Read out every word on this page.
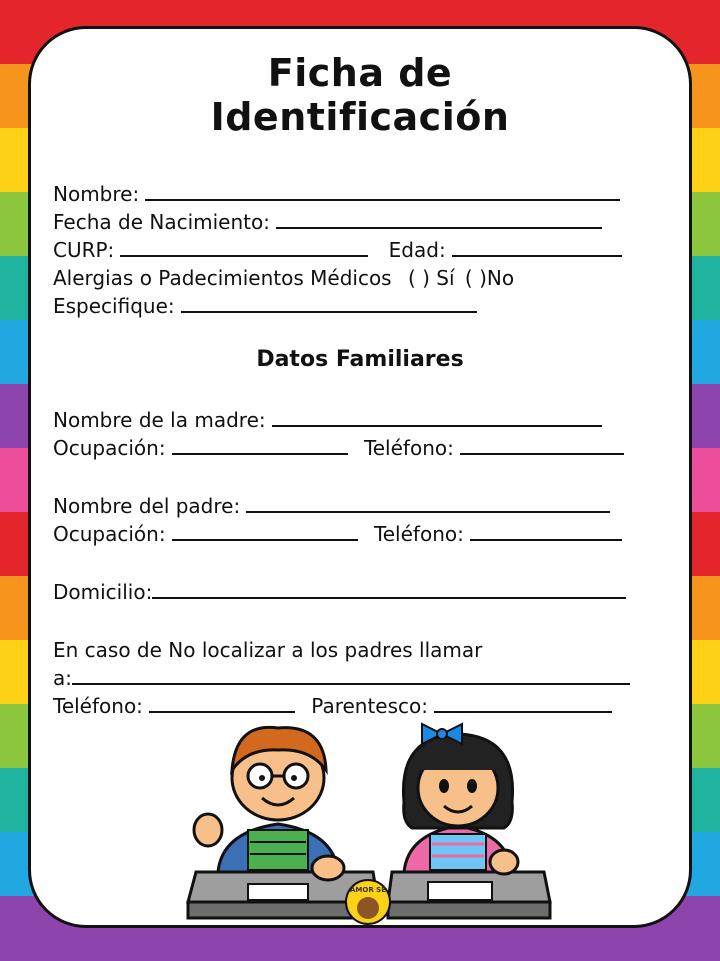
Ficha de
Identificación
Nombre:
Fecha de Nacimiento:
CURP:	Edad:
Alergias o Padecimientos Médicos ( ) Sí ( )No
Especifique:
Datos Familiares
Nombre de la madre:
Ocupación:	Teléfono:
Nombre del padre:
Ocupación:	Teléfono:
Domicilio:
En caso de No localizar a los padres llamar
a:
Teléfono:	Parentesco:
AMOR SE
